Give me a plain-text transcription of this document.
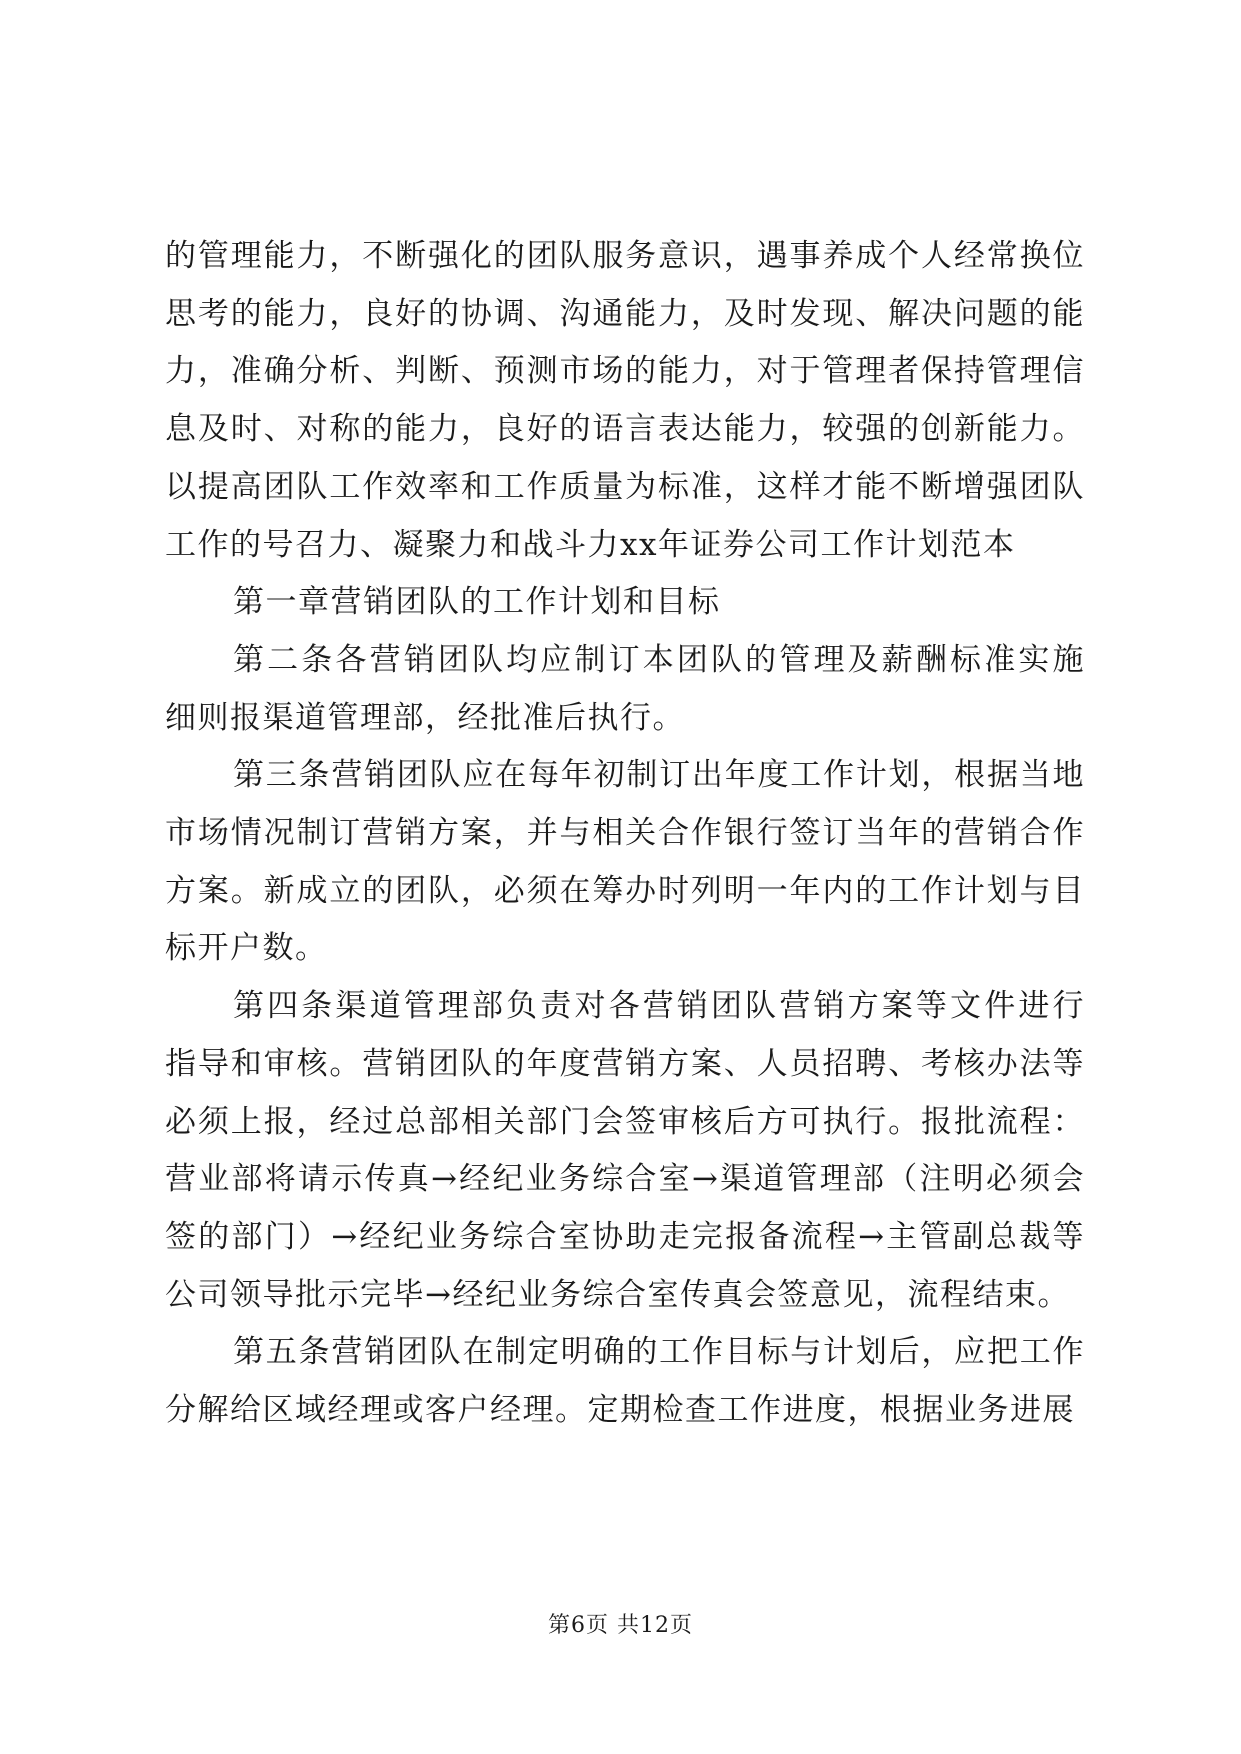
的管理能力，不断强化的团队服务意识，遇事养成个人经常换位
思考的能力，良好的协调、沟通能力，及时发现、解决问题的能
力，准确分析、判断、预测市场的能力，对于管理者保持管理信
息及时、对称的能力，良好的语言表达能力，较强的创新能力。
以提高团队工作效率和工作质量为标准，这样才能不断增强团队
工作的号召力、凝聚力和战斗力xx年证券公司工作计划范本
第一章营销团队的工作计划和目标
第二条各营销团队均应制订本团队的管理及薪酬标准实施
细则报渠道管理部，经批准后执行。
第三条营销团队应在每年初制订出年度工作计划，根据当地
市场情况制订营销方案，并与相关合作银行签订当年的营销合作
方案。新成立的团队，必须在筹办时列明一年内的工作计划与目
标开户数。
第四条渠道管理部负责对各营销团队营销方案等文件进行
指导和审核。营销团队的年度营销方案、人员招聘、考核办法等
必须上报，经过总部相关部门会签审核后方可执行。报批流程：
营业部将请示传真→经纪业务综合室→渠道管理部（注明必须会
签的部门）→经纪业务综合室协助走完报备流程→主管副总裁等
公司领导批示完毕→经纪业务综合室传真会签意见，流程结束。
第五条营销团队在制定明确的工作目标与计划后，应把工作
分解给区域经理或客户经理。定期检查工作进度，根据业务进展
第6页 共12页
